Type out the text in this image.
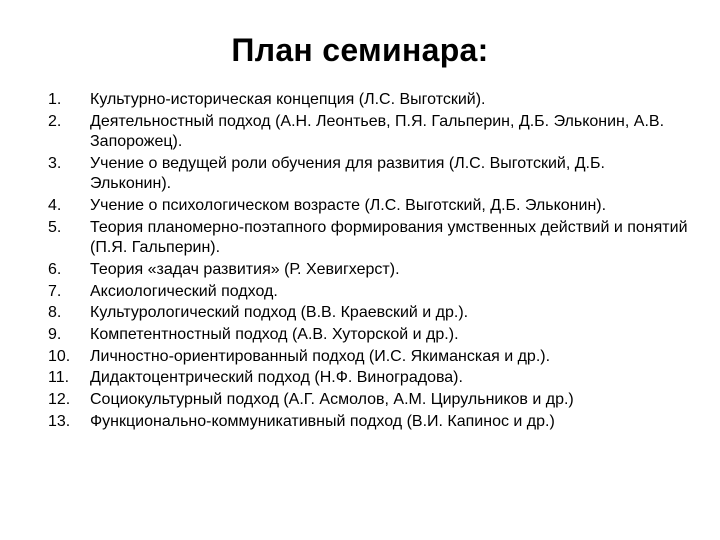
План семинара:
1.	Культурно-историческая концепция (Л.С. Выготский).
2.	Деятельностный подход (А.Н. Леонтьев, П.Я. Гальперин, Д.Б. Эльконин, А.В. Запорожец).
3.	Учение о ведущей роли обучения для развития (Л.С. Выготский, Д.Б. Эльконин).
4.	Учение о психологическом возрасте (Л.С. Выготский, Д.Б. Эльконин).
5.	Теория планомерно-поэтапного формирования умственных действий и понятий (П.Я. Гальперин).
6.	Теория «задач развития» (Р. Хевигхерст).
7.	Аксиологический подход.
8.	Культурологический подход (В.В. Краевский и др.).
9.	Компетентностный подход (А.В. Хуторской и др.).
10.	Личностно-ориентированный подход (И.С. Якиманская и др.).
11.	Дидактоцентрический подход (Н.Ф. Виноградова).
12.	Социокультурный подход (А.Г. Асмолов, А.М. Цирульников и др.)
13.	Функционально-коммуникативный подход (В.И. Капинос и др.)
